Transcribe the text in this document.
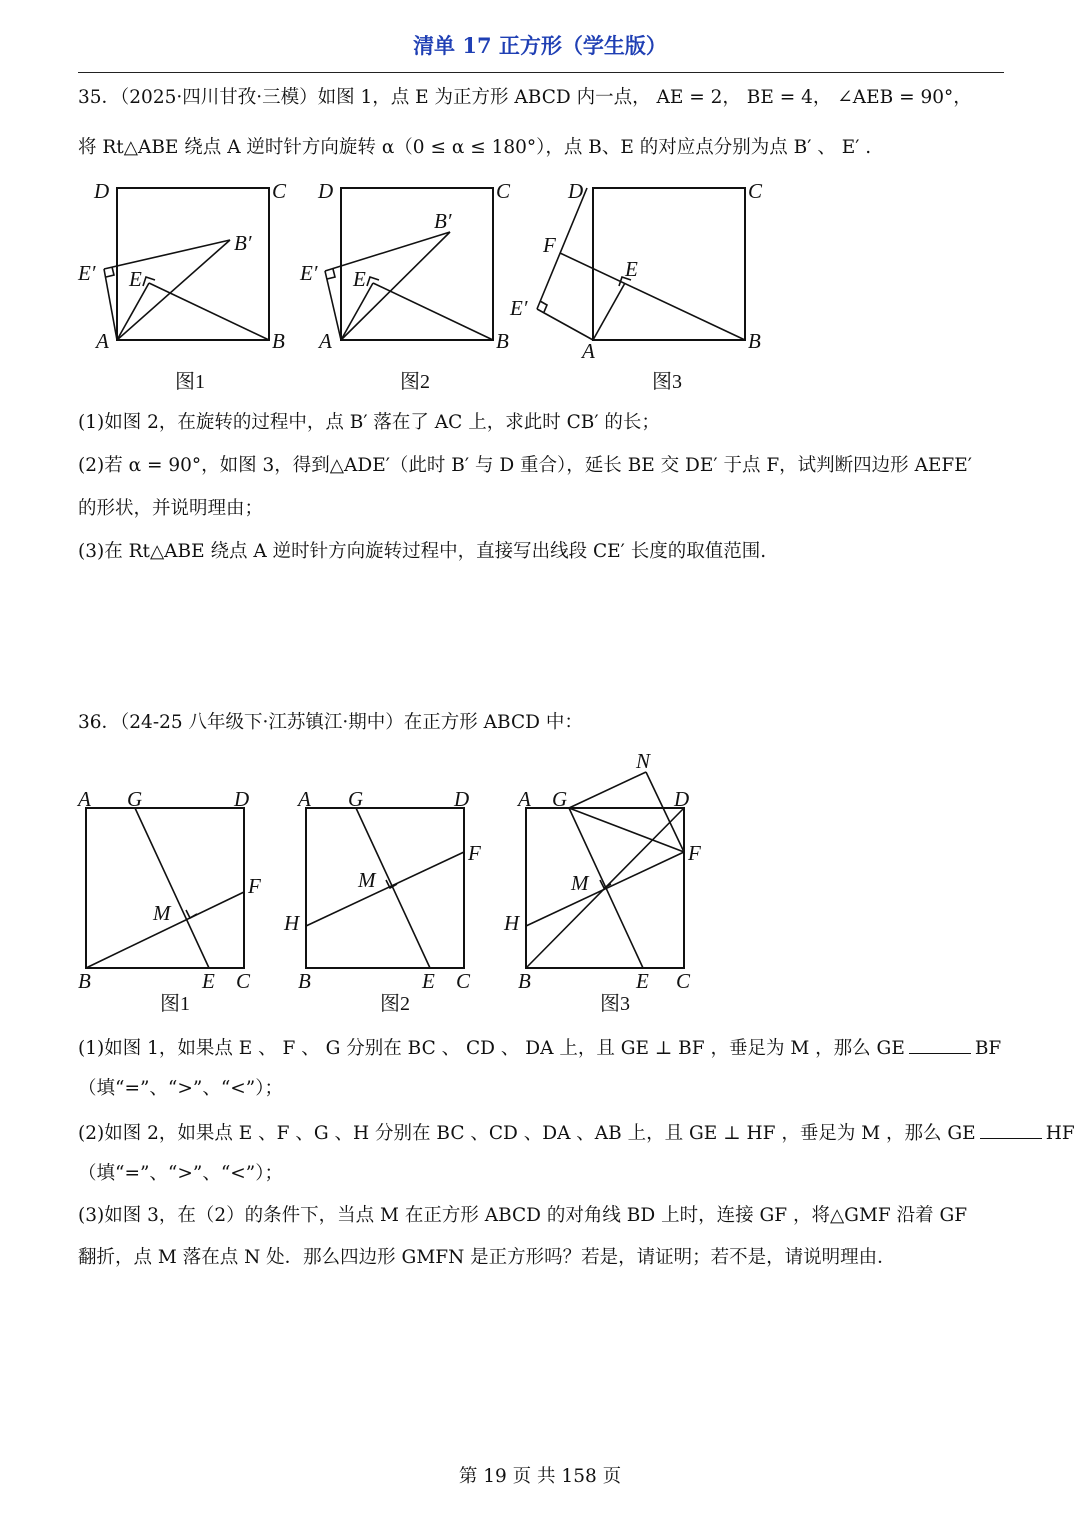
清单 17 正方形（学生版）
35．（2025·四川甘孜·三模）如图 1，点 E 为正方形 ABCD 内一点， AE = 2， BE = 4， ∠AEB = 90°，
将 Rt△ABE 绕点 A 逆时针方向旋转 α（0 ≤ α ≤ 180°），点 B、E 的对应点分别为点 B′ 、 E′ .
D	C
A	B
E′ E
B′
图1
D	C
A	B
E′ E
B′
图2
D	C
A	B
F
E′
E
图3
A G	D
F
M
B	E C
图1
A G	D
F
M
H
B	E C
图2
A G	D
N
F
M
H
B	E C
图3
(1)如图 2，在旋转的过程中，点 B′ 落在了 AC 上，求此时 CB′ 的长；
(2)若 α = 90°，如图 3，得到△ADE′（此时 B′ 与 D 重合），延长 BE 交 DE′ 于点 F，试判断四边形 AEFE′
的形状，并说明理由；
(3)在 Rt△ABE 绕点 A 逆时针方向旋转过程中，直接写出线段 CE′ 长度的取值范围.
36．（24-25 八年级下·江苏镇江·期中）在正方形 ABCD 中：
(1)如图 1，如果点 E 、 F 、 G 分别在 BC 、 CD 、 DA 上，且 GE ⊥ BF ，垂足为 M ，那么 GE	BF
（填“=”、“>”、“<”）；
(2)如图 2，如果点 E 、F 、G 、H 分别在 BC 、CD 、DA 、AB 上，且 GE ⊥ HF ，垂足为 M ，那么 GE	HF
（填“=”、“>”、“<”）；
(3)如图 3，在（2）的条件下，当点 M 在正方形 ABCD 的对角线 BD 上时，连接 GF ，将△GMF 沿着 GF
翻折，点 M 落在点 N 处．那么四边形 GMFN 是正方形吗？若是，请证明；若不是，请说明理由．
第 19 页 共 158 页
